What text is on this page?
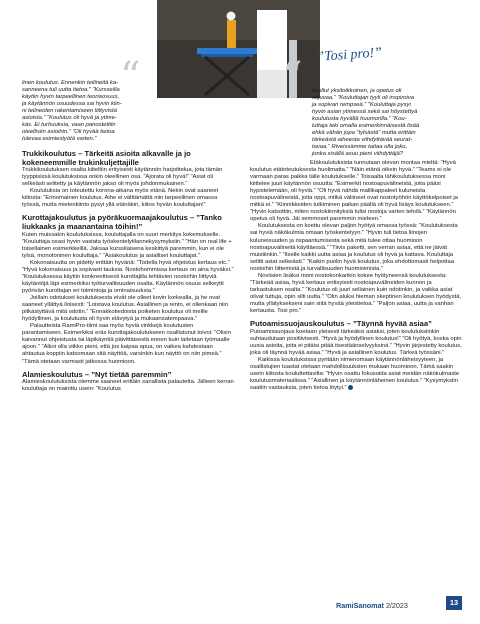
“	“ ”Tosi pro!”

linen koulutus. Ennenkin teilineitä ka-

sanneena tuli uutta tietoa.” ”Kursseilla

käytiin hyvin tarpeellinen teoriaosuus,

ja käytännön osuudessa sai hyvin kiin-

ni telineiden rakentamiseen liittyvistä

asioista.” ”Koulutus oli hyvä ja ytime-

käs. Ei turhuuksia, vaan panostettiin

oleellisiin asioihin.” ”Oli hyvää tietoa

tulevaa esimiestyötä varten.”

Trukkikoulutus – Tärkeitä asioita alkavalle ja jo kokeneemmille trukinkuljettajille

Trukkikoulutuksen osalta kiiteltiin erityisesti käytännön harjoittelua, jota tämän tyyppisissä koulutuksissa onkin oleellinen osa. ”Ajorata oli hyvä!” ”Asiat oli selkeästi selitetty ja käytännön jakso oli myös johdonmukainen.”

Koulutuksia on toteutettu korona-aikana myös etänä. Nekin ovat saaneet kiitosta: ”Erinomainen koulutus. Aihe ei välttämättä niin tarpeellinen omassa työssä, mutta mielenkiinto pysyi yllä etänäkin, kiitos hyvän kouluttajan!”

Kurottajakoulutus ja pyöräkuormaajakoulutus – ”Tanko liukkaaks ja maanantaina töihin!”

Kuten muissakin koulutuksissa, kouluttajalla on suuri merkitys kokemukselle. ”Kouluttaja osasi hyvin vastata työskentelytilannekysymyksiin.” ”Hän on real life + toisellainen esimerkkeillä. Jaksaa kurssilaisena keskittyä paremmin, kun ei ole tylsä, monotoninen kouluttaja.” ”Asiakoulutus ja asialliset kouluttajat.”

Kokonaisuutta on pidetty erittäin hyvänä: ”Todella hyvä ohjeistus kertaus etc.” ”Hyvä kokonaisuus ja sopivasti tauksia. Nostohommissa kertaus on aina hyväksi.” ”Koulutuksessa käytiin konkreettisesti kurottajilla tehtävien nostoihin liittyviä käytäntöjä läpi esimerkiksi työturvallisuuden osalta. Käytännön osuus selkeytti pyörivän kurottajan eri toimintoja ja ominaisuuksia.”

Joillain odotukset koulutuksesta eivät ole olleet kovin korkealla, ja he ovat saaneet yllättyä iloisesti: ”Loistava koulutus. Asiallinen ja rento, ei ollenkaan niin pitkästyttävä mitä odotin.” ”Ennakkotiedoista poiketen koulutus oli meille hyödyllinen, ja koulutusta oli hyvin elävytyä ja mukaansatempaava.”

Palautteista RamiPro-tiimi saa myös hyviä vinkkejä koulutusten parantamiseen. Esimerkiksi eräs kurottajakoulutukseen osallistunut toivoi: ”Olisin kaivannut ohjeistusta tai läpikäyntiä päivittäisestä ennen kuin laitetaan työmaalle ajoon.” ”Alkoi olla viikko pieni, että jos kaipaa apua, on vaikea kahdestaan ahtautua koppiin katsomaan sitä näyttöä, varsinkin kun näyttö on niin pimeä.” ”Tämä otetaan varmasti jatkossa huomioon.

Alamieskoulutus – ”Nyt tietää paremmin”

Alamieskoulutuksista olemme saaneet erittäin sanallista palautetta. Jälleen kerran kouluttaja on mainittu usein: ”Koulutus

ei ollut yksitoikkoinen, ja opetus oli

sujuvaa.” ”Kouluttajan tyyli oli inspiroiva

ja sopivan rempseä.” ”Kouluttaja pysyi

hyvin asian ytimessä sekä sai höystettyä

koulutusta hyvällä huumorilla.” ”Kou-

luttaja teki omalla esimerkinnäisestä lisää

ehkä vähän jopa ”tylsästä” mutta erittäin

tärkeästä aiheesta viihdyttävää seurat-

tavaa.” Riveissämme taitaa olla joku,

jonka sisällä asuu pieni viihdyttäjä?

Etäkoulutuksista tunnutaan olevan montaa mieltä: ”Hyvä koulutus etätoteutuksesta huolimatta.” ”Näin etänä oikein hyvä.” ”Teams ei ole varmaan paras paikka tälle koulutukselle.” Toisaalta lähikoulutuksessa moni kiittelee juuri käytännön osuutta: ”Esimerkit nostoapuvälineistä, joita pääsi hypistelemään, oli hyviä.” ”Oli hyvä nähdä mallikappaleet kuluneista nostoapuvälineistä, joita oppi, mitkä väliineet ovat nostotyöhön käyttökelpoiset ja mitkä ei.” ”Kiinnikkeiden tutkiminen paikan päällä oli hyvä lisäys koulutukseen.” ”Hyvin katsottiin, miten nostokiinnityksiä tulisi nostoja varten tehdä.” ”Käytännön opetus oli hyvä. Jäi semmoset paremmin mieleen.”

Koulutuksesta on koettu olevan paljon hyötyä omassa työssä: ”Koulutuksesta sai hyviä näkökulmia omaan työskentelyyn.” ”Hyvin tuli tietoa liinojen kuluneisuuden ja rispaantumisesta sekä mitä tulee ottaa huomioon nostoapuvälineitä käyttäessä.” ”Tiivis paketti, sen verran asiaa, että ne jäivät muistiinkin.” ”Itselle kaikki uutta asiaa ja koulutus oli hyvä ja kattava. Kouluttaja selitti asiat selkeästi.” ”Kaikin puolin hyvä koulutus, joka ehdottomasti helpottaa nostoihin liittemistä ja turvallisuuden huomioimista.”

Noviisien lisäksi moni nostokonkarikin kokee hyötyneensä koulutuksesta: ”Tärkeää asiaa, hyvä kertaus entisyiseti nostoapuvälineiden kunnon ja tarkastuksen osalta.” ”Koulutus oli juuri sellainen kuin odotinkin, ja vaikka asiat olivat tuttuja, opin silti uutta.” ”Olin aluksi hieman skeptinen koulutuksen hyödystä, mutta yllätyksekseni sain siitä hyvää yleistietoa.” ”Paljon asiaa, uutta ja vanhan kertausta. Tosi pro.”

Putoamissuojauskoulutus – ”Täynnä hyvää asiaa”

Putoamissuojaus koetaan yleisesti tärkeäksi asiaksi, joten koulutuksiinkin suhtaudutaan positiivisesti. ”Hyvä ja hyödyllinen koulutus!” ”Oli hyötyä, koska opin uusia asioita, joita ei pitäisi pitää itsestäänselvyyksinä.” ”Hyvin järjestetty koulutus, joka oli täynnä hyvää asiaa.” ”Hyvä ja asiallinen koulutus. Tärkeä työssäni.”

Kaikissa koulutuksissa pyritään nimenomaan käytännönläheisyyteen, ja osallistujien tuastat otetaan mahdollisuuksien mukaan huomioon. Tämä saakin usein kiitosta kouluttettavilta: ”Hyvin osattu fokusoida asiat meidän näkökulmaste koulutusmateriaalissa.” ”Asiallinen ja käytännönläheinen koulutus.” ”Kysymyksiin saatiin vastauksia, joten tietoa löytyi.”

RamiSanomat 2/2023	13
